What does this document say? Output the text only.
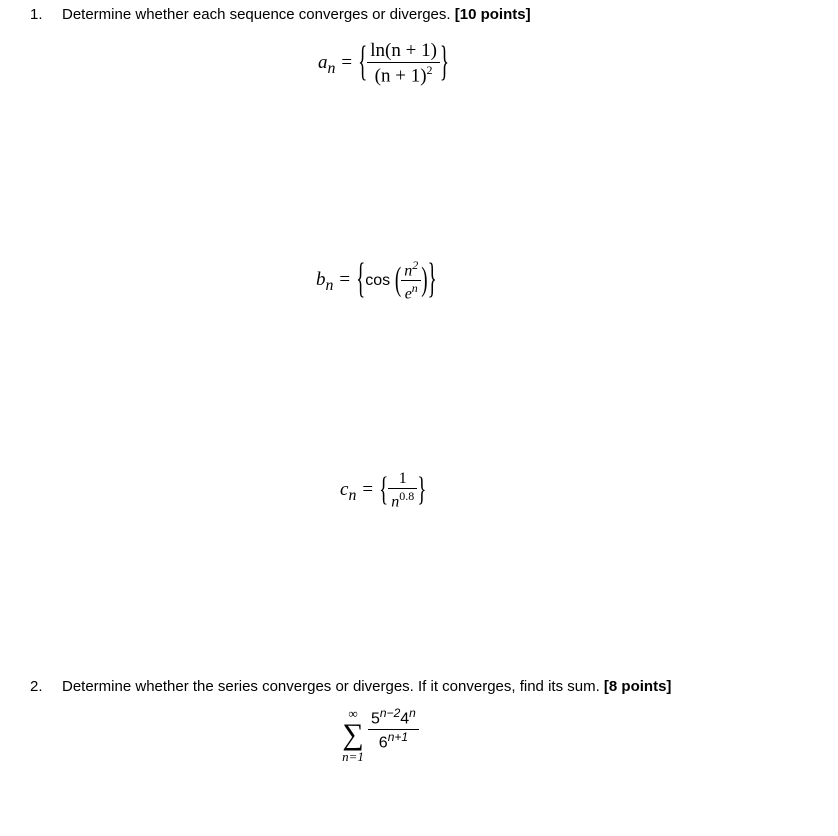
1. Determine whether each sequence converges or diverges. [10 points]
$a_n$ = { $\frac{\ln(n + 1)}{(n + 1)^2}$ }
$b_n = \{\cos$ ( $\frac{n^2}{e^n}$ )}
$c_n$ = { $\frac{1}{n^{0.8}}$ }
2. Determine whether the series converges or diverges. If it converges, find its sum. [8 points]
∞
∑
n=1
$\frac{5^{n-2}4^n}{6^{n+1}}$
